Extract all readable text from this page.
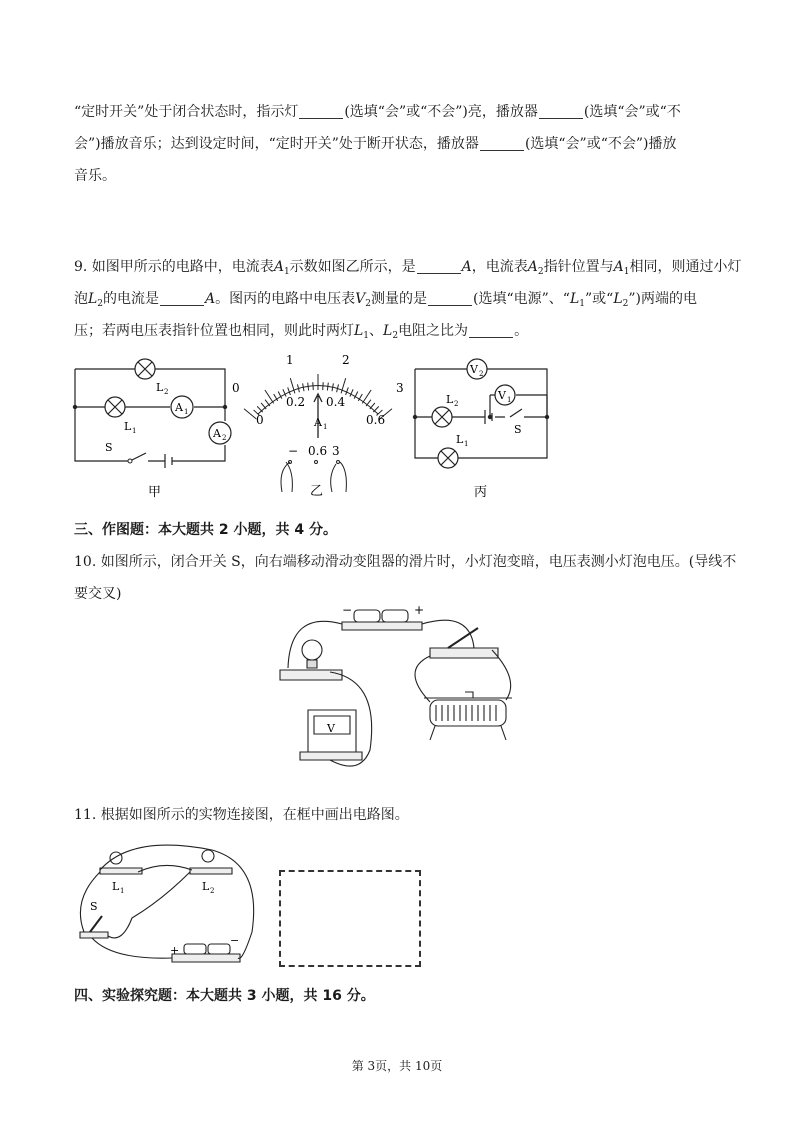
“定时开关”处于闭合状态时，指示灯	(选填“会”或“不会”)亮，播放器	(选填“会”或“不
会”)播放音乐；达到设定时间，“定时开关”处于断开状态，播放器	(选填“会”或“不会”)播放
音乐。
9. 如图甲所示的电路中，电流表$A_1$示数如图乙所示，是	A，电流表$A_2$指针位置与$A_1$相同，则通过小灯
泡$L_2$的电流是	A。图丙的电路中电压表$V_2$测量的是	(选填“电源”、“$L_1$”或“$L_2$”)两端的电
压；若两电压表指针位置也相同，则此时两灯$L_1$、$L_2$电阻之比为	。
L 2
L 1
A 1
A 2
S
甲
0
1	2
3
0
0.2 0.4
0.6
A 1
− 0.6 3
乙
V 2
V 1
L 2
L 1
S
丙
三、作图题：本大题共 2 小题，共 4 分。
10. 如图所示，闭合开关 S，向右端移动滑动变阻器的滑片时，小灯泡变暗，电压表测小灯泡电压。(导线不
要交叉)
−	+
V
11. 根据如图所示的实物连接图，在框中画出电路图。
L 1	L 2
S
+
−
四、实验探究题：本大题共 3 小题，共 16 分。
第 3页，共 10页
